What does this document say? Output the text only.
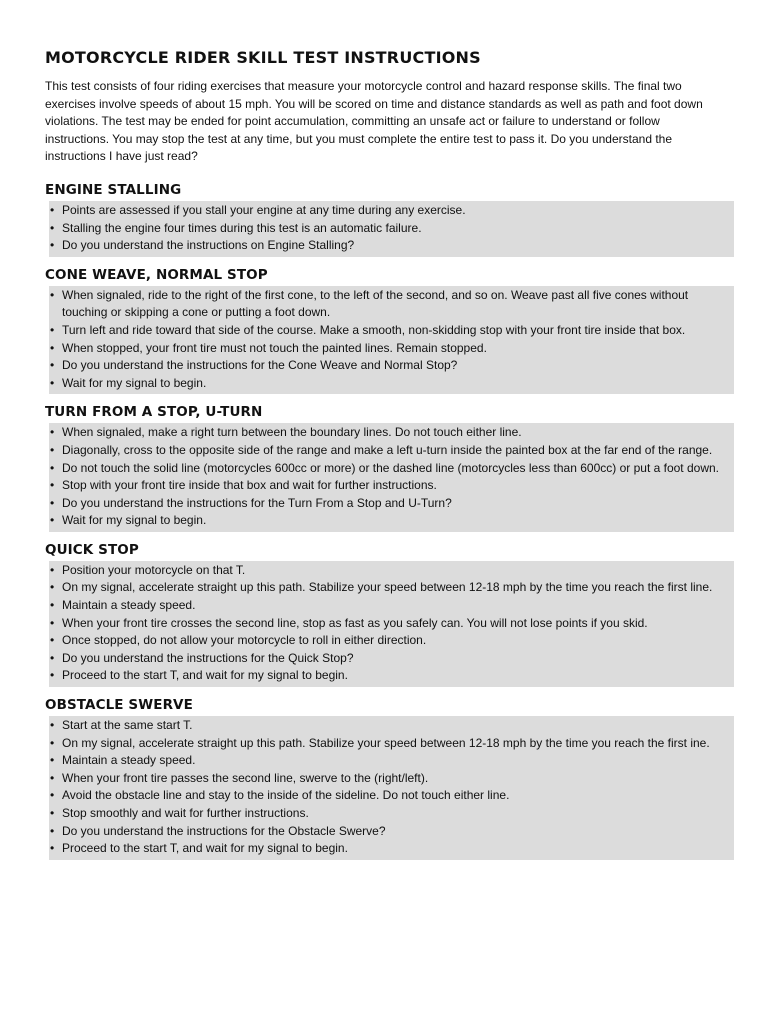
MOTORCYCLE RIDER SKILL TEST INSTRUCTIONS

This test consists of four riding exercises that measure your motorcycle control and hazard response skills. The final two exercises involve speeds of about 15 mph. You will be scored on time and distance standards as well as path and foot down violations. The test may be ended for point accumulation, committing an unsafe act or failure to understand or follow instructions. You may stop the test at any time, but you must complete the entire test to pass it. Do you understand the instructions I have just read?

ENGINE STALLING
• Points are assessed if you stall your engine at any time during any exercise.
• Stalling the engine four times during this test is an automatic failure.
• Do you understand the instructions on Engine Stalling?
CONE WEAVE, NORMAL STOP
• When signaled, ride to the right of the first cone, to the left of the second, and so on. Weave past all five cones without touching or skipping a cone or putting a foot down.
• Turn left and ride toward that side of the course. Make a smooth, non-skidding stop with your front tire inside that box.
• When stopped, your front tire must not touch the painted lines. Remain stopped.
• Do you understand the instructions for the Cone Weave and Normal Stop?
• Wait for my signal to begin.
TURN FROM A STOP, U-TURN
• When signaled, make a right turn between the boundary lines. Do not touch either line.
• Diagonally, cross to the opposite side of the range and make a left u-turn inside the painted box at the far end of the range.
• Do not touch the solid line (motorcycles 600cc or more) or the dashed line (motorcycles less than 600cc) or put a foot down.
• Stop with your front tire inside that box and wait for further instructions.
• Do you understand the instructions for the Turn From a Stop and U-Turn?
• Wait for my signal to begin.
QUICK STOP
• Position your motorcycle on that T.
• On my signal, accelerate straight up this path. Stabilize your speed between 12-18 mph by the time you reach the first line.
• Maintain a steady speed.
• When your front tire crosses the second line, stop as fast as you safely can. You will not lose points if you skid.
• Once stopped, do not allow your motorcycle to roll in either direction.
• Do you understand the instructions for the Quick Stop?
• Proceed to the start T, and wait for my signal to begin.
OBSTACLE SWERVE
• Start at the same start T.
• On my signal, accelerate straight up this path. Stabilize your speed between 12-18 mph by the time you reach the first ine.
• Maintain a steady speed.
• When your front tire passes the second line, swerve to the (right/left).
• Avoid the obstacle line and stay to the inside of the sideline. Do not touch either line.
• Stop smoothly and wait for further instructions.
• Do you understand the instructions for the Obstacle Swerve?
• Proceed to the start T, and wait for my signal to begin.
